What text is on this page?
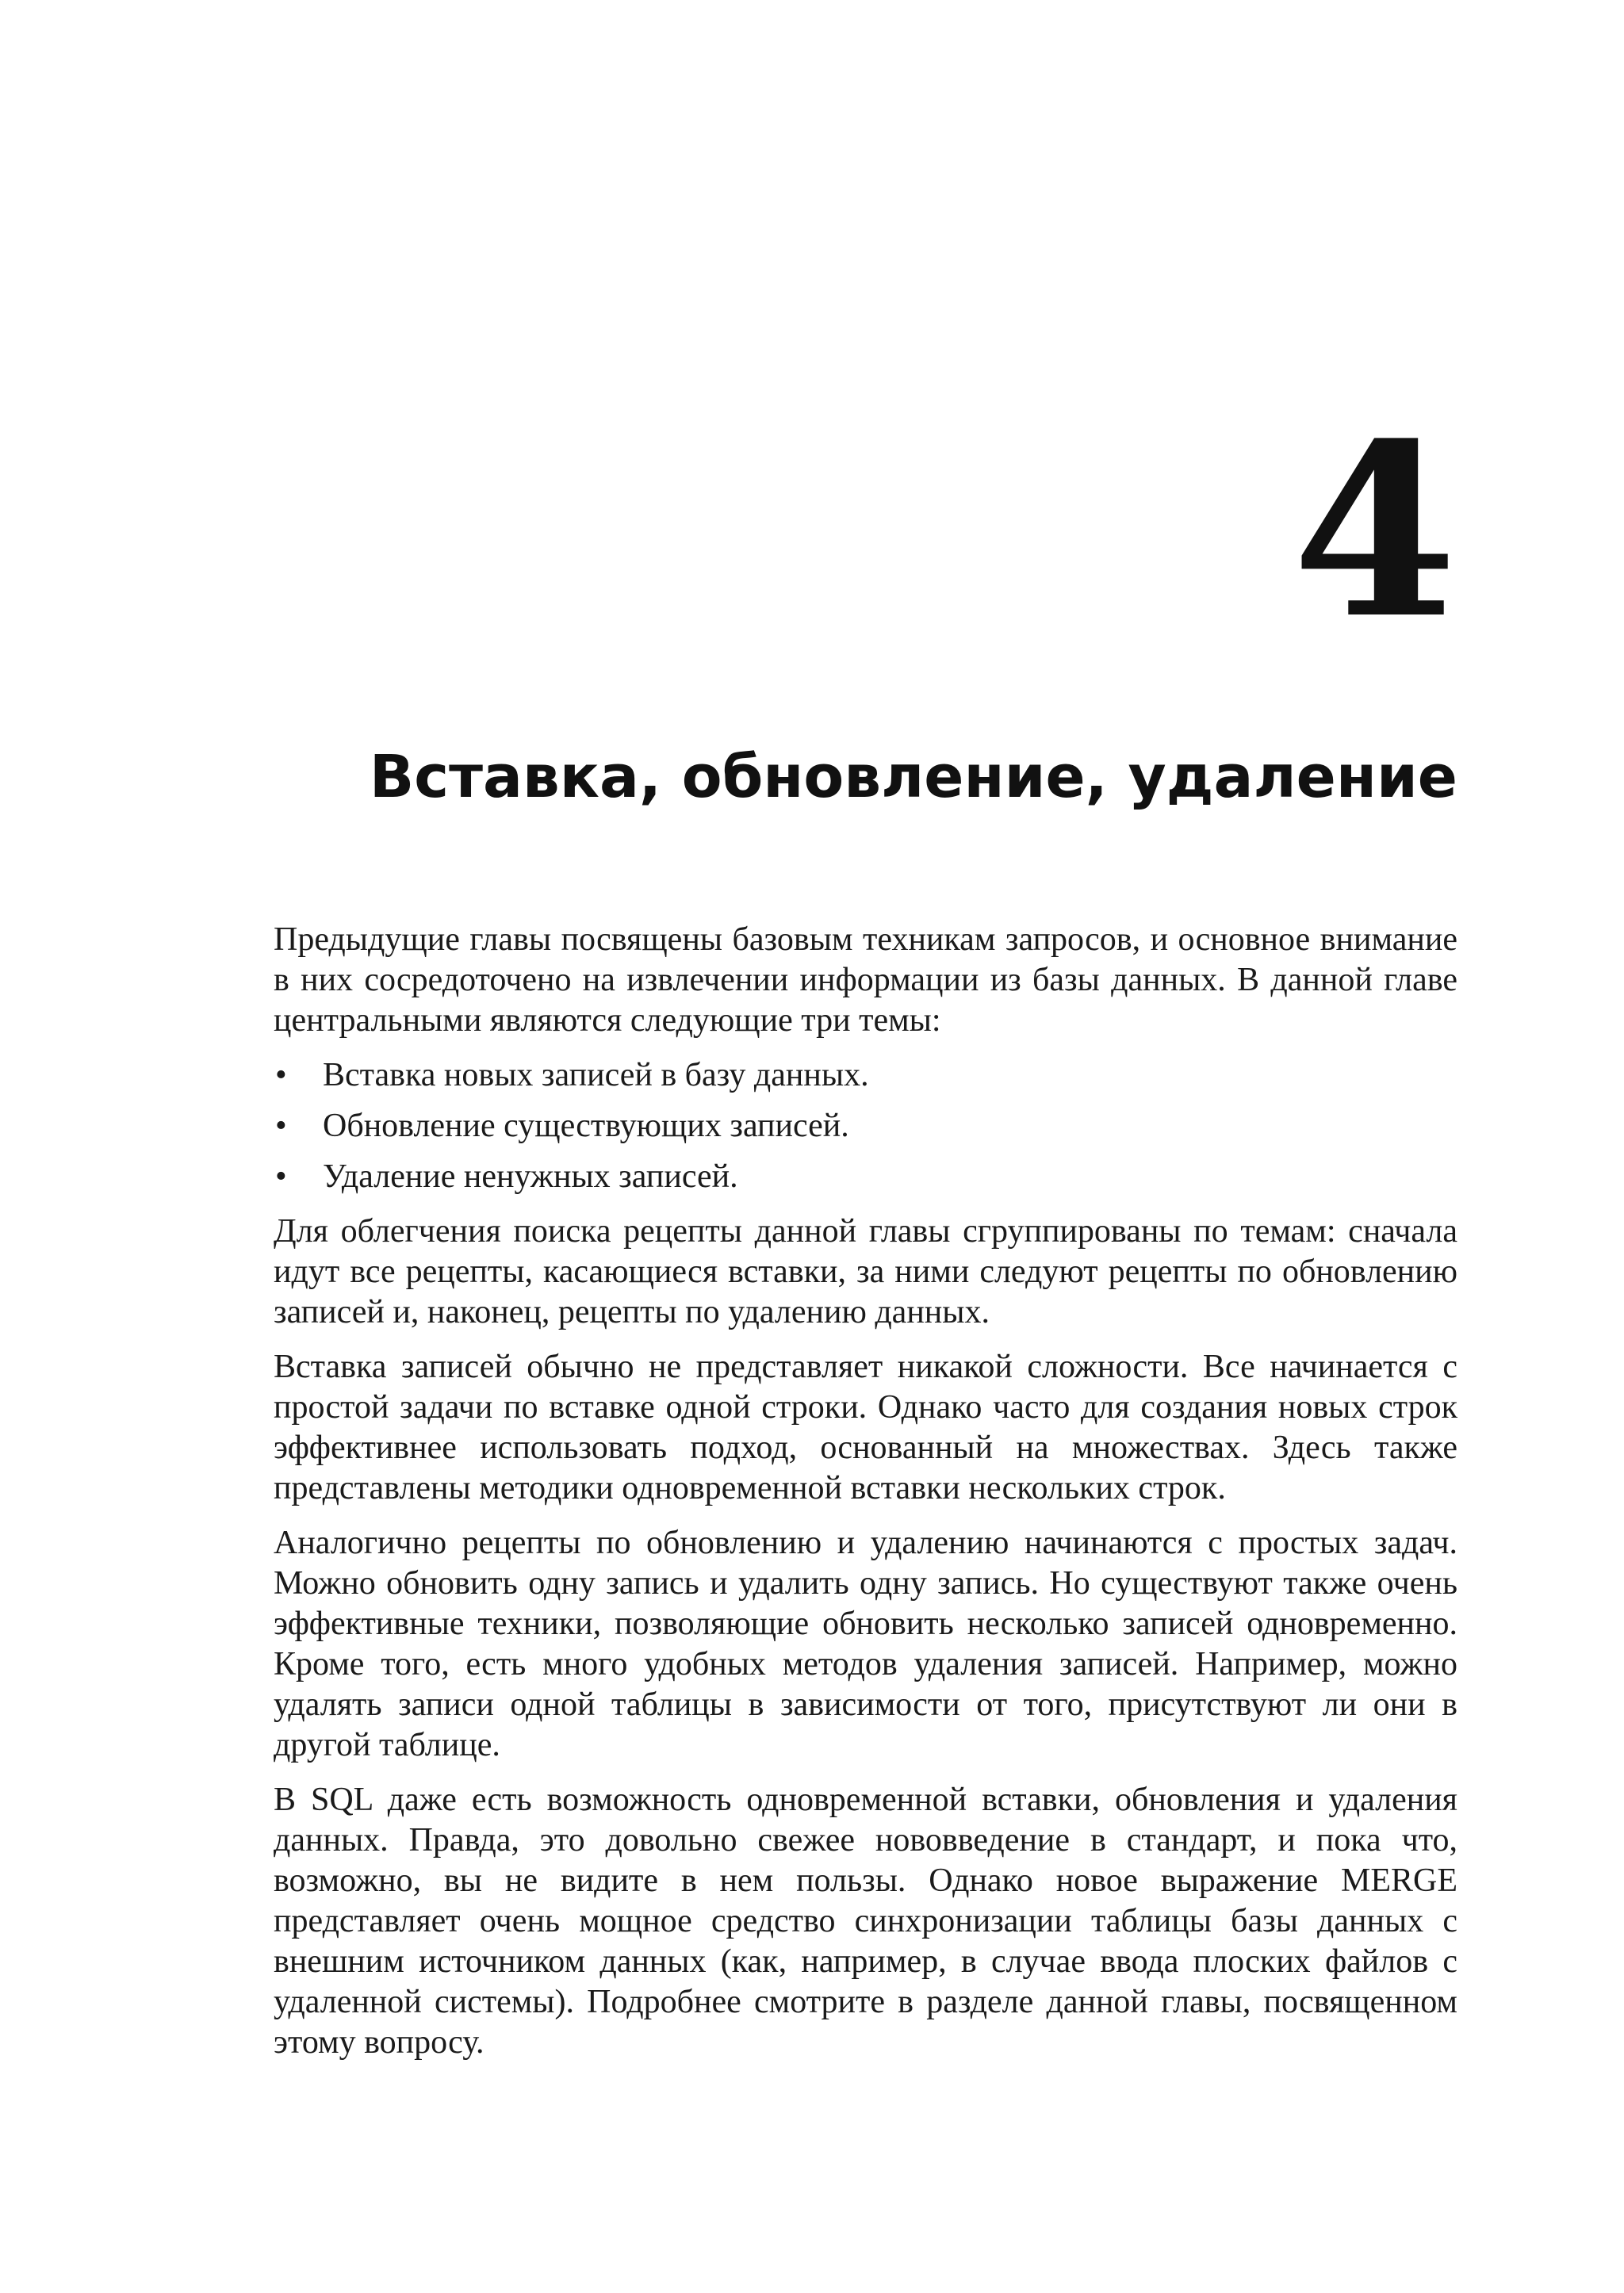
4
Вставка, обновление, удаление

Предыдущие главы посвящены базовым техникам запросов, и основное внимание в них сосредоточено на извлечении информации из базы данных. В данной главе центральными являются следующие три темы:

• Вставка новых записей в базу данных.
• Обновление существующих записей.
• Удаление ненужных записей.

Для облегчения поиска рецепты данной главы сгруппированы по темам: сначала идут все рецепты, касающиеся вставки, за ними следуют рецепты по обновлению записей и, наконец, рецепты по удалению данных.

Вставка записей обычно не представляет никакой сложности. Все начинается с простой задачи по вставке одной строки. Однако часто для создания новых строк эффективнее использовать подход, основанный на множествах. Здесь также представлены методики одновременной вставки нескольких строк.

Аналогично рецепты по обновлению и удалению начинаются с простых задач. Можно обновить одну запись и удалить одну запись. Но существуют также очень эффективные техники, позволяющие обновить несколько записей одновременно. Кроме того, есть много удобных методов удаления записей. Например, можно удалять записи одной таблицы в зависимости от того, присутствуют ли они в другой таблице.

В SQL даже есть возможность одновременной вставки, обновления и удаления данных. Правда, это довольно свежее нововведение в стандарт, и пока что, возможно, вы не видите в нем пользы. Однако новое выражение MERGE представляет очень мощное средство синхронизации таблицы базы данных с внешним источником данных (как, например, в случае ввода плоских файлов с удаленной системы). Подробнее смотрите в разделе данной главы, посвященном этому вопросу.
